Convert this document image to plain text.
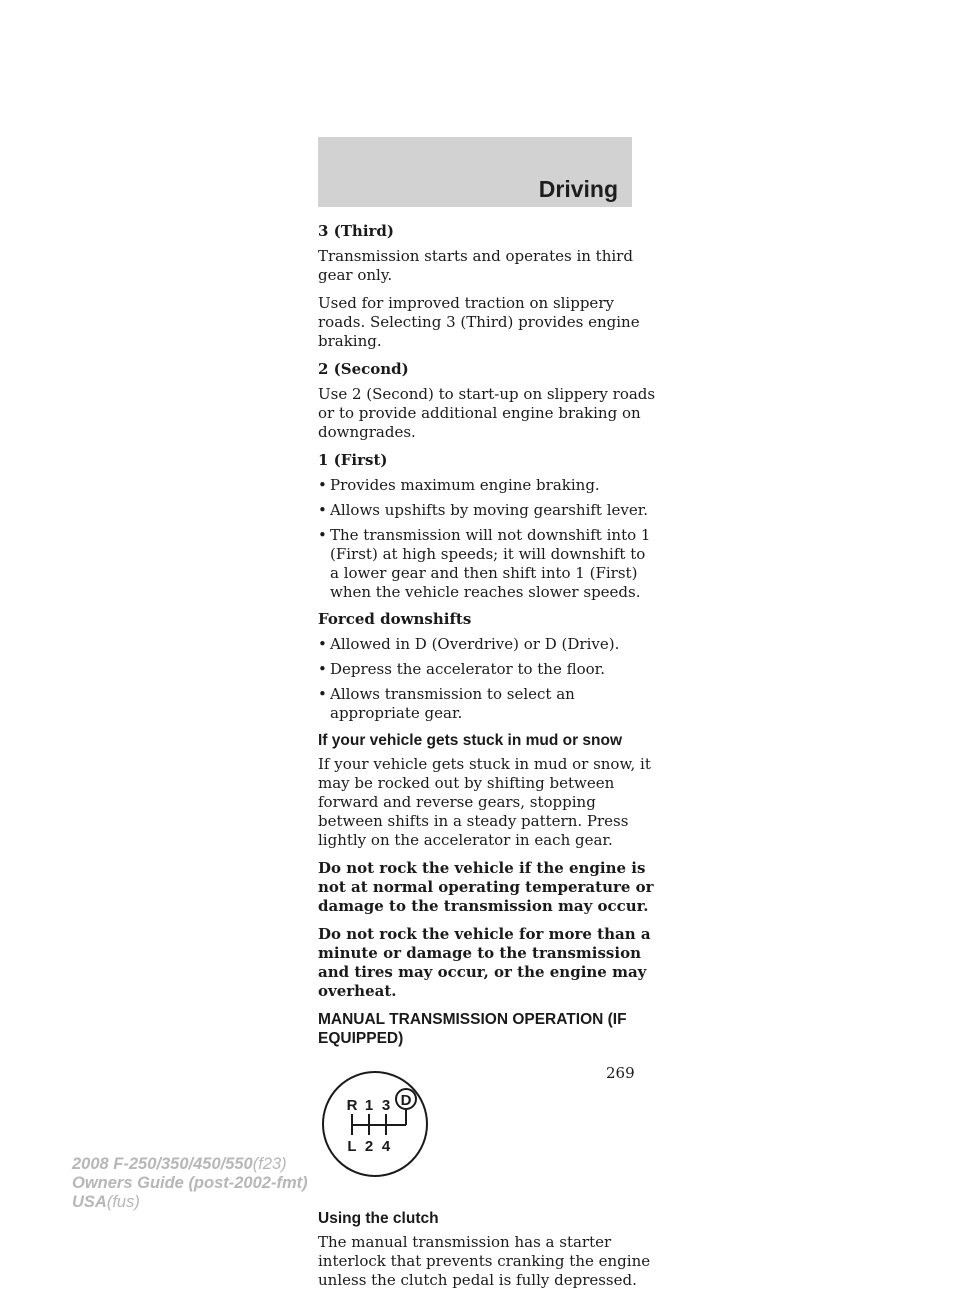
Driving
3 (Third)

Transmission starts and operates in third gear only.

Used for improved traction on slippery roads. Selecting 3 (Third) provides engine braking.

2 (Second)

Use 2 (Second) to start-up on slippery roads or to provide additional engine braking on downgrades.

1 (First)
• Provides maximum engine braking.
• Allows upshifts by moving gearshift lever.
• The transmission will not downshift into 1 (First) at high speeds; it will downshift to a lower gear and then shift into 1 (First) when the vehicle reaches slower speeds.
Forced downshifts
• Allowed in D (Overdrive) or D (Drive).
• Depress the accelerator to the floor.
• Allows transmission to select an appropriate gear.
If your vehicle gets stuck in mud or snow

If your vehicle gets stuck in mud or snow, it may be rocked out by shifting between forward and reverse gears, stopping between shifts in a steady pattern. Press lightly on the accelerator in each gear.

Do not rock the vehicle if the engine is not at normal operating temperature or damage to the transmission may occur.

Do not rock the vehicle for more than a minute or damage to the transmission and tires may occur, or the engine may overheat.

MANUAL TRANSMISSION OPERATION (IF EQUIPPED)
D
R 1 3
L 2 4
Using the clutch

The manual transmission has a starter interlock that prevents cranking the engine unless the clutch pedal is fully depressed.

269
2008 F-250/350/450/550(f23)
Owners Guide (post-2002-fmt)
USA(fus)
